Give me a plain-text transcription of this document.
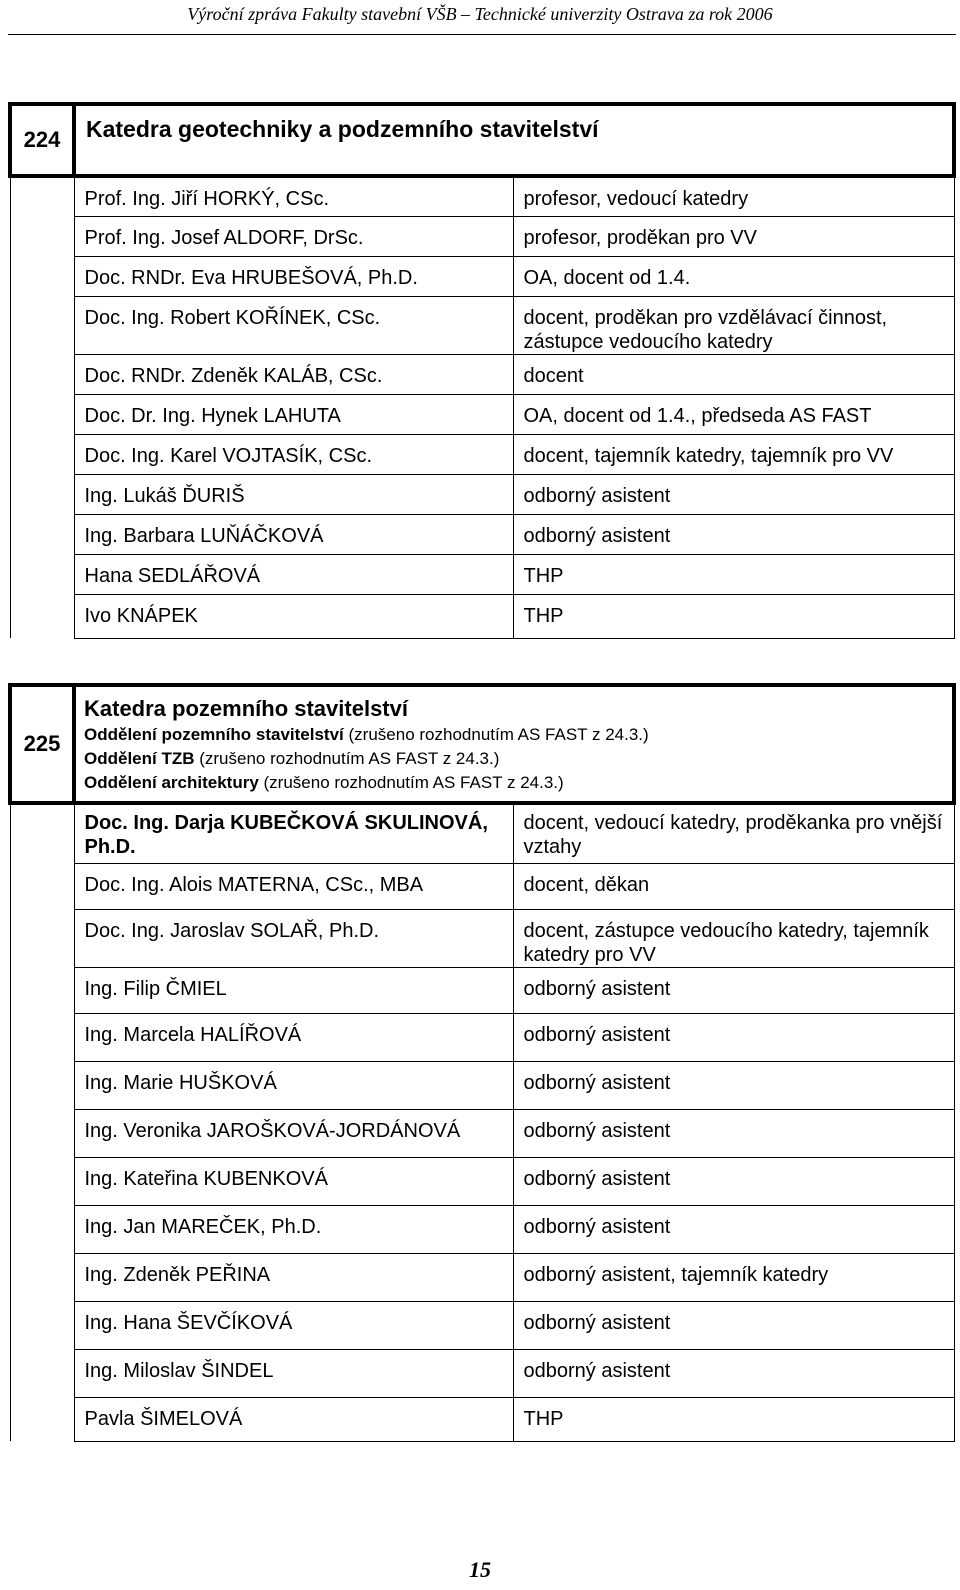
Výroční zpráva Fakulty stavební VŠB – Technické univerzity Ostrava za rok 2006
224	Katedra geotechniky a podzemního stavitelství	
	Prof. Ing. Jiří HORKÝ, CSc.	profesor, vedoucí katedry
	Prof. Ing. Josef ALDORF, DrSc.	profesor, proděkan pro VV
	Doc. RNDr. Eva HRUBEŠOVÁ, Ph.D.	OA, docent od 1.4.
	Doc. Ing. Robert KOŘÍNEK, CSc.	docent, proděkan pro vzdělávací činnost, zástupce vedoucího katedry
	Doc. RNDr. Zdeněk KALÁB, CSc.	docent
	Doc. Dr. Ing. Hynek LAHUTA	OA, docent od 1.4., předseda AS FAST
	Doc. Ing. Karel VOJTASÍK, CSc.	docent, tajemník katedry, tajemník pro VV
	Ing. Lukáš ĎURIŠ	odborný asistent
	Ing. Barbara LUŇÁČKOVÁ	odborný asistent
	Hana SEDLÁŘOVÁ	THP
	Ivo KNÁPEK	THP
225	Katedra pozemního stavitelství
Oddělení pozemního stavitelství (zrušeno rozhodnutím AS FAST z 24.3.)
Oddělení TZB (zrušeno rozhodnutím AS FAST z 24.3.)
Oddělení architektury (zrušeno rozhodnutím AS FAST z 24.3.)	

	Doc. Ing. Darja KUBEČKOVÁ SKULINOVÁ, Ph.D.	docent, vedoucí katedry, proděkanka pro vnější vztahy
	Doc. Ing. Alois MATERNA, CSc., MBA	docent, děkan
	Doc. Ing. Jaroslav SOLAŘ, Ph.D.	docent, zástupce vedoucího katedry, tajemník katedry pro VV
	Ing. Filip ČMIEL	odborný asistent
	Ing. Marcela HALÍŘOVÁ	odborný asistent
	Ing. Marie HUŠKOVÁ	odborný asistent
	Ing. Veronika JAROŠKOVÁ-JORDÁNOVÁ	odborný asistent
	Ing. Kateřina KUBENKOVÁ	odborný asistent
	Ing. Jan MAREČEK, Ph.D.	odborný asistent
	Ing. Zdeněk PEŘINA	odborný asistent, tajemník katedry
	Ing. Hana ŠEVČÍKOVÁ	odborný asistent
	Ing. Miloslav ŠINDEL	odborný asistent
	Pavla ŠIMELOVÁ	THP
15
